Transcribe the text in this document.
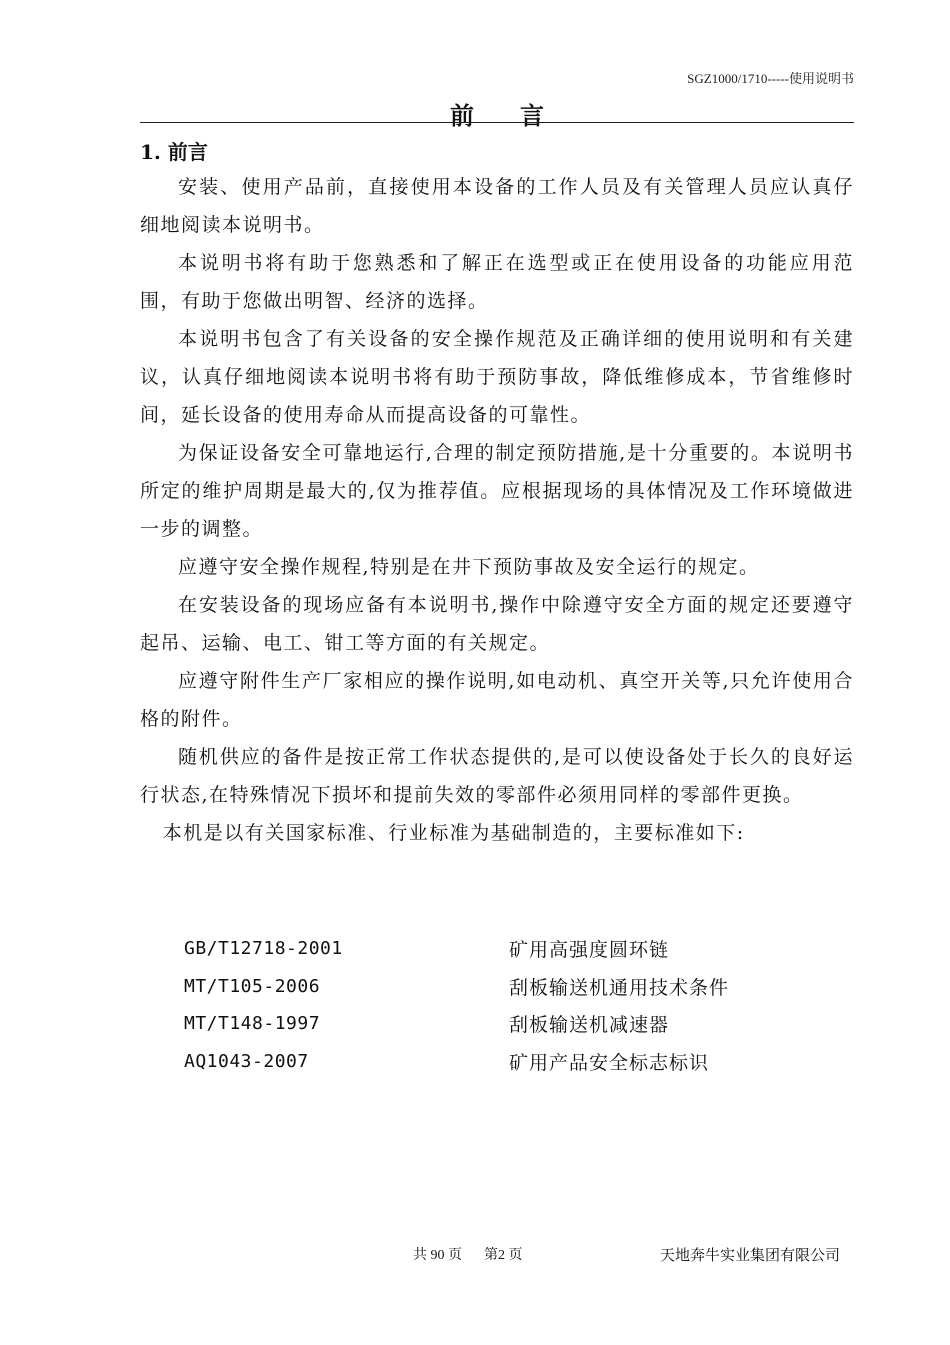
SGZ1000/1710-----使用说明书
前言
1. 前言

安装、使用产品前，直接使用本设备的工作人员及有关管理人员应认真仔细地阅读本说明书。

本说明书将有助于您熟悉和了解正在选型或正在使用设备的功能应用范围，有助于您做出明智、经济的选择。

本说明书包含了有关设备的安全操作规范及正确详细的使用说明和有关建议，认真仔细地阅读本说明书将有助于预防事故，降低维修成本，节省维修时间，延长设备的使用寿命从而提高设备的可靠性。

为保证设备安全可靠地运行,合理的制定预防措施,是十分重要的。本说明书所定的维护周期是最大的,仅为推荐值。应根据现场的具体情况及工作环境做进一步的调整。

应遵守安全操作规程,特别是在井下预防事故及安全运行的规定。

在安装设备的现场应备有本说明书,操作中除遵守安全方面的规定还要遵守起吊、运输、电工、钳工等方面的有关规定。

应遵守附件生产厂家相应的操作说明,如电动机、真空开关等,只允许使用合格的附件。

随机供应的备件是按正常工作状态提供的,是可以使设备处于长久的良好运行状态,在特殊情况下损坏和提前失效的零部件必须用同样的零部件更换。

本机是以有关国家标准、行业标准为基础制造的，主要标准如下:

GB/T12718-2001	矿用高强度圆环链
MT/T105-2006	刮板输送机通用技术条件
MT/T148-1997	刮板输送机减速器
AQ1043-2007	矿用产品安全标志标识
共 90 页 第2 页	天地奔牛实业集团有限公司
